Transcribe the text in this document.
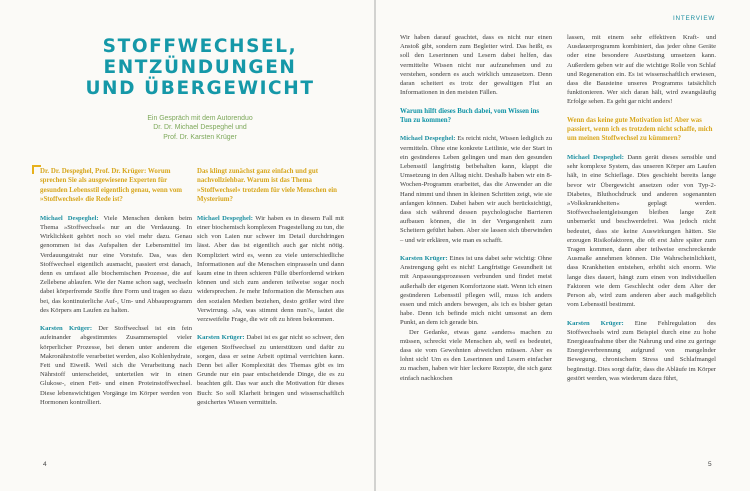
STOFFWECHSEL,
ENTZÜNDUNGEN
UND ÜBERGEWICHT
Ein Gespräch mit dem Autorenduo
Dr. Dr. Michael Despeghel und
Prof. Dr. Karsten Krüger

Dr. Dr. Despeghel, Prof. Dr. Krüger: Worum sprechen Sie als ausgewiesene Experten für gesunden Lebensstil eigentlich genau, wenn vom »Stoffwechsel« die Rede ist?

Michael Despeghel: Viele Menschen denken beim Thema »Stoffwechsel« nur an die Verdauung. In Wirklichkeit gehört noch so viel mehr dazu. Genau genommen ist das Aufspalten der Lebensmittel im Verdauungstrakt nur eine Vorstufe. Das, was den Stoffwechsel eigentlich ausmacht, passiert erst danach, denn es umfasst alle biochemischen Prozesse, die auf Zellebene ablaufen. Wie der Name schon sagt, wechseln dabei körperfremde Stoffe ihre Form und tragen so dazu bei, das kontinuierliche Auf-, Um- und Abbauprogramm des Körpers am Laufen zu halten.

Karsten Krüger: Der Stoffwechsel ist ein fein aufeinander abgestimmtes Zusammenspiel vieler körperlicher Prozesse, bei denen unter anderem die Makronährstoffe verarbeitet werden, also Kohlenhydrate, Fett und Eiweiß. Weil sich die Verarbeitung nach Nährstoff unterscheidet, unterteilen wir in einen Glukose-, einen Fett- und einen Proteinstoffwechsel. Diese lebenswichtigen Vorgänge im Körper werden von Hormonen kontrolliert.

Das klingt zunächst ganz einfach und gut nachvollziehbar. Warum ist das Thema »Stoffwechsel« trotzdem für viele Menschen ein Mysterium?

Michael Despeghel: Wir haben es in diesem Fall mit einer biochemisch komplexen Fragestellung zu tun, die sich von Laien nur schwer im Detail durchdringen lässt. Aber das ist eigentlich auch gar nicht nötig. Kompliziert wird es, wenn zu viele unterschiedliche Informationen auf die Menschen einprasseln und dann kaum eine in ihren schieren Fülle überfordernd wirken können und sich zum anderen teilweise sogar noch widersprechen. Je mehr Information die Menschen aus den sozialen Medien beziehen, desto größer wird ihre Verwirrung. »Ja, was stimmt denn nun?«, lautet die verzweifelte Frage, die wir oft zu hören bekommen.

Karsten Krüger: Dabei ist es gar nicht so schwer, den eigenen Stoffwechsel zu unterstützen und dafür zu sorgen, dass er seine Arbeit optimal verrichten kann. Denn bei aller Komplexität des Themas gibt es im Grunde nur ein paar entscheidende Dinge, die es zu beachten gilt. Das war auch die Motivation für dieses Buch: So soll Klarheit bringen und wissenschaftlich gesichertes Wissen vermitteln.

4
INTERVIEW

Wir haben darauf geachtet, dass es nicht nur einen Anstoß gibt, sondern zum Begleiter wird. Das heißt, es soll den Leserinnen und Lesern dabei helfen, das vermittelte Wissen nicht nur aufzunehmen und zu verstehen, sondern es auch wirklich umzusetzen. Denn daran scheitert es trotz der gewaltigen Flut an Informationen in den meisten Fällen.

Warum hilft dieses Buch dabei, vom Wissen ins Tun zu kommen?

Michael Despeghel: Es reicht nicht, Wissen lediglich zu vermitteln. Ohne eine konkrete Leitlinie, wie der Start in ein gesünderes Leben gelingen und man den gesunden Lebensstil langfristig beibehalten kann, klappt die Umsetzung in den Alltag nicht. Deshalb haben wir ein 8-Wochen-Programm erarbeitet, das die Anwender an die Hand nimmt und ihnen in kleinen Schritten zeigt, wie sie anfangen können. Dabei haben wir auch berücksichtigt, dass sich während dessen psychologische Barrieren aufbauen können, die in der Vergangenheit zum Scheitern geführt haben. Aber sie lassen sich überwinden – und wir erklären, wie man es schafft.

Karsten Krüger: Eines ist uns dabei sehr wichtig: Ohne Anstrengung geht es nicht! Langfristige Gesundheit ist mit Anpassungsprozessen verbunden und findet meist außerhalb der eigenen Komfortzone statt. Wenn ich einen gesünderen Lebensstil pflegen will, muss ich anders essen und mich anders bewegen, als ich es bisher getan habe. Denn ich befinde mich nicht umsonst an dem Punkt, an dem ich gerade bin.

Der Gedanke, etwas ganz »anders« machen zu müssen, schreckt viele Menschen ab, weil es bedeutet, dass sie vom Gewohnten abweichen müssen. Aber es lohnt sich! Um es den Leserinnen und Lesern einfacher zu machen, haben wir hier leckere Rezepte, die sich ganz einfach nachkochen

lassen, mit einem sehr effektiven Kraft- und Ausdauerprogramm kombiniert, das jeder ohne Geräte oder eine besondere Ausrüstung umsetzen kann. Außerdem geben wir auf die wichtige Rolle von Schlaf und Regeneration ein. Es ist wissenschaftlich erwiesen, dass die Bausteine unseres Programms tatsächlich funktionieren. Wer sich daran hält, wird zwangsläufig Erfolge sehen. Es geht gar nicht anders!

Wenn das keine gute Motivation ist! Aber was passiert, wenn ich es trotzdem nicht schaffe, mich um meinen Stoffwechsel zu kümmern?

Michael Despeghel: Dann gerät dieses sensible und sehr komplexe System, das unseren Körper am Laufen hält, in eine Schieflage. Dies geschieht bereits lange bevor wir Übergewicht ansetzen oder von Typ-2-Diabetes, Bluthochdruck und anderen sogenannten »Volkskrankheiten« geplagt werden. Stoffwechselentgleisungen bleiben lange Zeit unbemerkt und beschwerdefrei. Was jedoch nicht bedeutet, dass sie keine Auswirkungen hätten. Sie erzeugen Risikofaktoren, die oft erst Jahre später zum Tragen kommen, dann aber teilweise erschreckende Ausmaße annehmen können. Die Wahrscheinlichkeit, dass Krankheiten entstehen, erhöht sich enorm. Wie lange dies dauert, hängt zum einen von individuellen Faktoren wie dem Geschlecht oder dem Alter der Person ab, wird zum anderen aber auch maßgeblich vom Lebensstil bestimmt.

Karsten Krüger: Eine Fehlregulation des Stoffwechsels wird zum Beispiel durch eine zu hohe Energieaufnahme über die Nahrung und eine zu geringe Energieverbrennung aufgrund von mangelnder Bewegung, chronischem Stress und Schlafmangel begünstigt. Dies sorgt dafür, dass die Abläufe im Körper gestört werden, was wiederum dazu führt,

5
